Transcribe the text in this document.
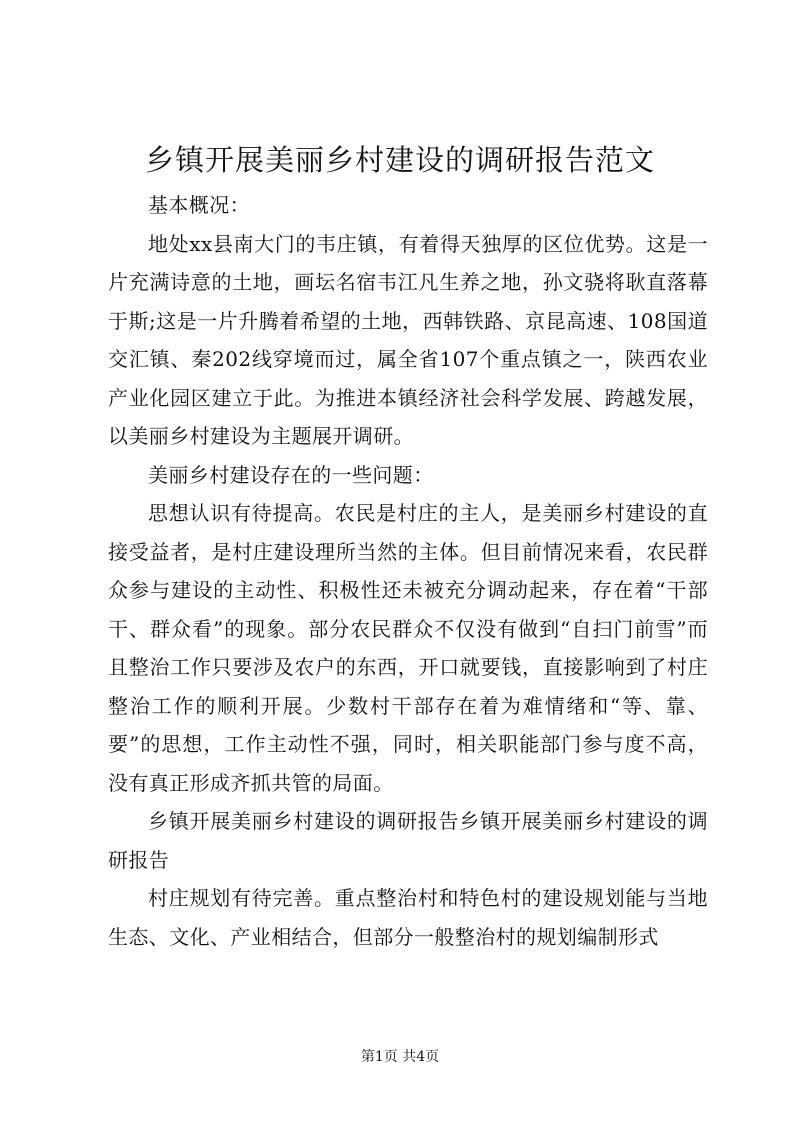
乡镇开展美丽乡村建设的调研报告范文

基本概况：

地处xx县南大门的韦庄镇，有着得天独厚的区位优势。这是一片充满诗意的土地，画坛名宿韦江凡生养之地，孙文骁将耿直落幕于斯;这是一片升腾着希望的土地，西韩铁路、京昆高速、108国道交汇镇、秦202线穿境而过，属全省107个重点镇之一，陕西农业产业化园区建立于此。为推进本镇经济社会科学发展、跨越发展，以美丽乡村建设为主题展开调研。

美丽乡村建设存在的一些问题：

思想认识有待提高。农民是村庄的主人，是美丽乡村建设的直接受益者，是村庄建设理所当然的主体。但目前情况来看，农民群众参与建设的主动性、积极性还未被充分调动起来，存在着“干部干、群众看”的现象。部分农民群众不仅没有做到“自扫门前雪”而且整治工作只要涉及农户的东西，开口就要钱，直接影响到了村庄整治工作的顺利开展。少数村干部存在着为难情绪和“等、靠、要”的思想，工作主动性不强，同时，相关职能部门参与度不高，没有真正形成齐抓共管的局面。

乡镇开展美丽乡村建设的调研报告乡镇开展美丽乡村建设的调研报告

村庄规划有待完善。重点整治村和特色村的建设规划能与当地生态、文化、产业相结合，但部分一般整治村的规划编制形式

第1页 共4页
